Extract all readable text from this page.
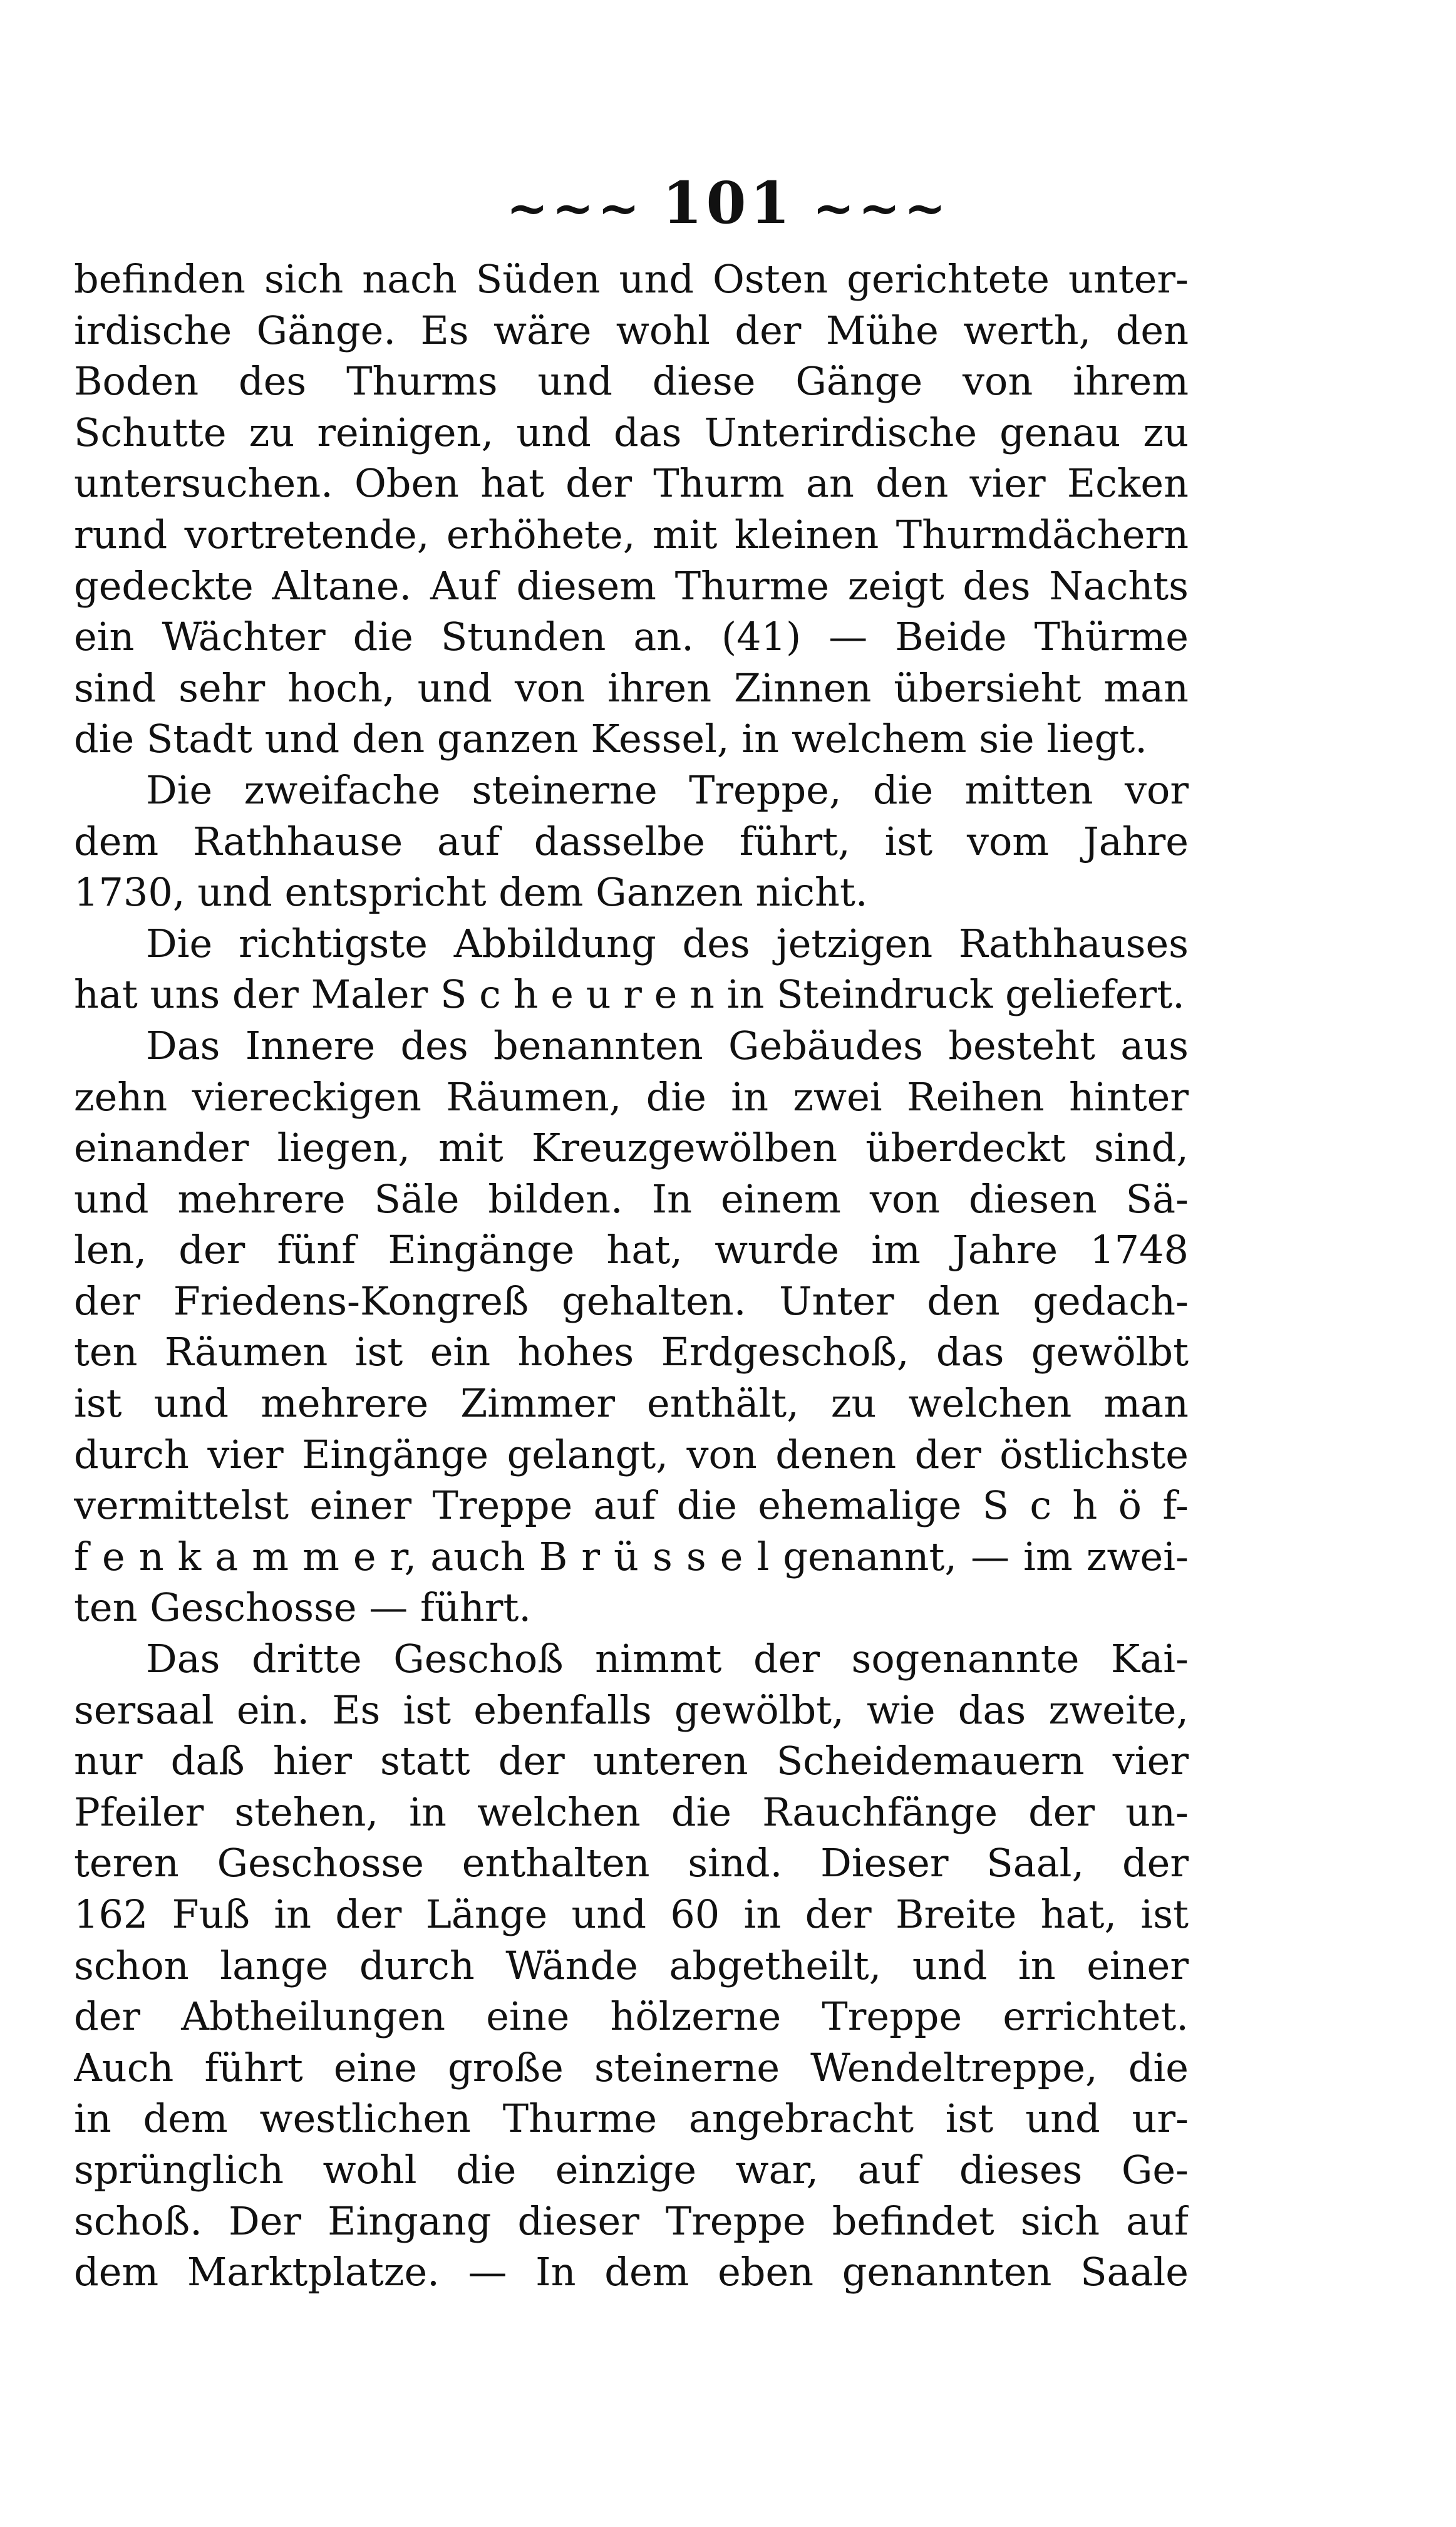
~~~ 101 ~~~
befinden sich nach Süden und Osten gerichtete unter-
irdische Gänge. Es wäre wohl der Mühe werth, den
Boden des Thurms und diese Gänge von ihrem
Schutte zu reinigen, und das Unterirdische genau zu
untersuchen. Oben hat der Thurm an den vier Ecken
rund vortretende, erhöhete, mit kleinen Thurmdächern
gedeckte Altane. Auf diesem Thurme zeigt des Nachts
ein Wächter die Stunden an. (41) — Beide Thürme
sind sehr hoch, und von ihren Zinnen übersieht man
die Stadt und den ganzen Kessel, in welchem sie liegt.
Die zweifache steinerne Treppe, die mitten vor
dem Rathhause auf dasselbe führt, ist vom Jahre
1730, und entspricht dem Ganzen nicht.
Die richtigste Abbildung des jetzigen Rathhauses
hat uns der Maler S c h e u r e n in Steindruck geliefert.
Das Innere des benannten Gebäudes besteht aus
zehn viereckigen Räumen, die in zwei Reihen hinter
einander liegen, mit Kreuzgewölben überdeckt sind,
und mehrere Säle bilden. In einem von diesen Sä-
len, der fünf Eingänge hat, wurde im Jahre 1748
der Friedens-Kongreß gehalten. Unter den gedach-
ten Räumen ist ein hohes Erdgeschoß, das gewölbt
ist und mehrere Zimmer enthält, zu welchen man
durch vier Eingänge gelangt, von denen der östlichste
vermittelst einer Treppe auf die ehemalige S c h ö f-
f e n k a m m e r, auch B r ü s s e l genannt, — im zwei-
ten Geschosse — führt.
Das dritte Geschoß nimmt der sogenannte Kai-
sersaal ein. Es ist ebenfalls gewölbt, wie das zweite,
nur daß hier statt der unteren Scheidemauern vier
Pfeiler stehen, in welchen die Rauchfänge der un-
teren Geschosse enthalten sind. Dieser Saal, der
162 Fuß in der Länge und 60 in der Breite hat, ist
schon lange durch Wände abgetheilt, und in einer
der Abtheilungen eine hölzerne Treppe errichtet.
Auch führt eine große steinerne Wendeltreppe, die
in dem westlichen Thurme angebracht ist und ur-
sprünglich wohl die einzige war, auf dieses Ge-
schoß. Der Eingang dieser Treppe befindet sich auf
dem Marktplatze. — In dem eben genannten Saale
